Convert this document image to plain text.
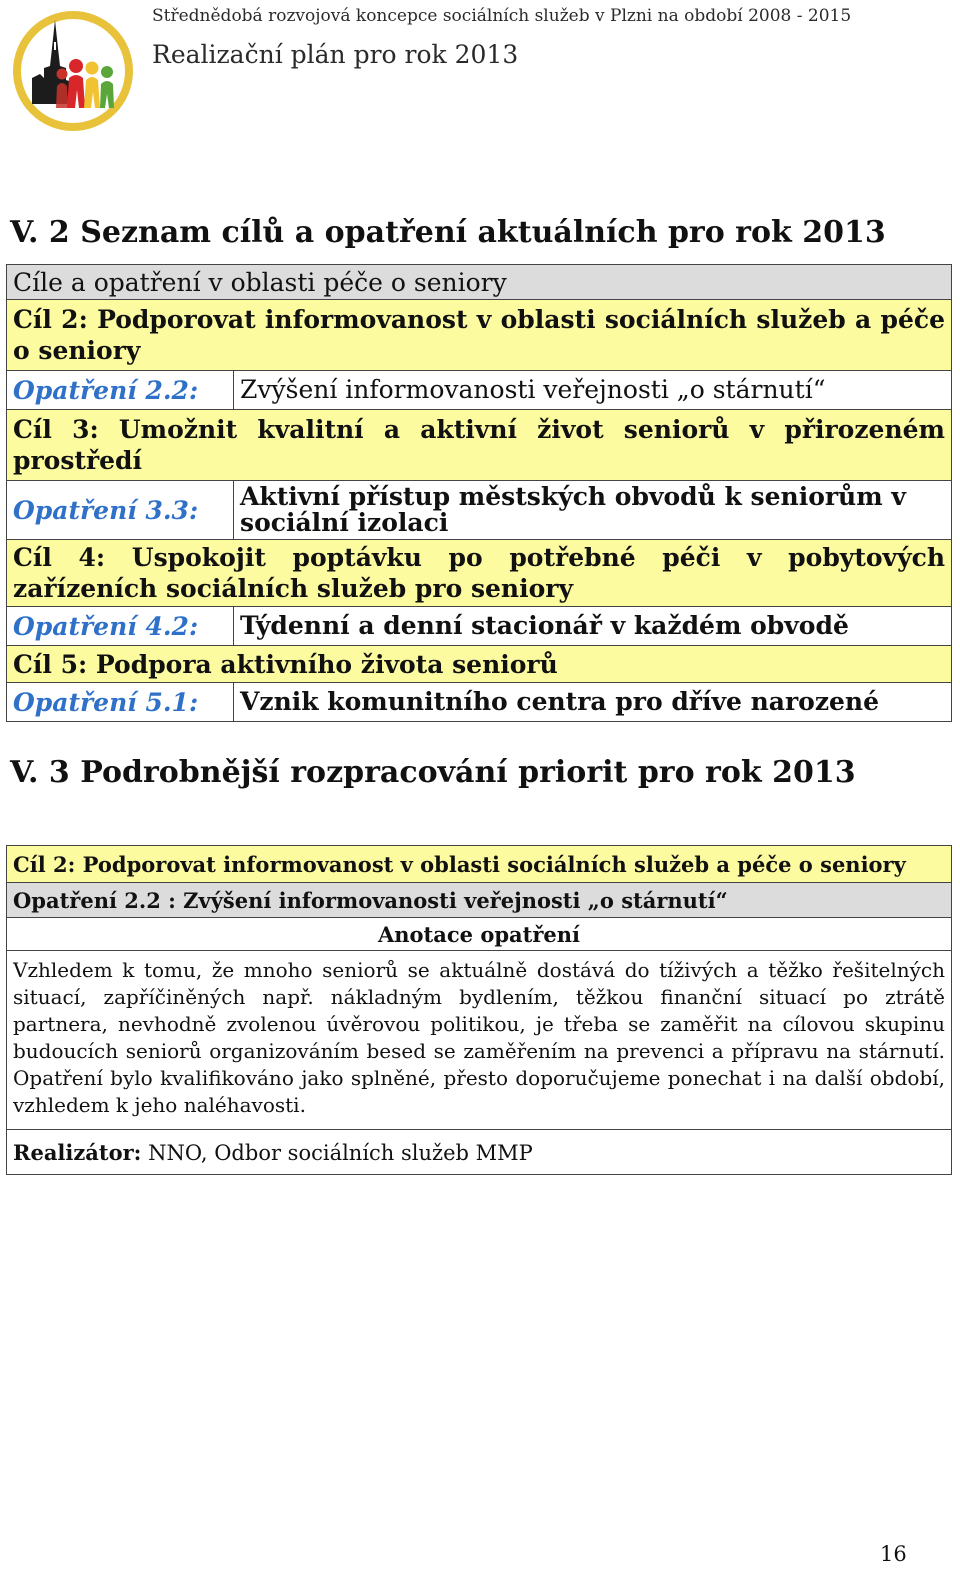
Střednědobá rozvojová koncepce sociálních služeb v Plzni na období 2008 - 2015
Realizační plán pro rok 2013
V. 2 Seznam cílů a opatření aktuálních pro rok 2013
Cíle a opatření v oblasti péče o seniory	
Cíl 2: Podporovat informovanost v oblasti sociálních služeb a péče o seniory	
Opatření 2.2:	Zvýšení informovanosti veřejnosti „o stárnutí“
Cíl 3: Umožnit kvalitní a aktivní život seniorů v přirozeném prostředí	
Opatření 3.3:	Aktivní přístup městských obvodů k seniorům v sociální izolaci
Cíl 4: Uspokojit poptávku po potřebné péči v pobytových zařízeních sociálních služeb pro seniory	
Opatření 4.2:	Týdenní a denní stacionář v každém obvodě
Cíl 5: Podpora aktivního života seniorů	
Opatření 5.1:	Vznik komunitního centra pro dříve narozené
V. 3 Podrobnější rozpracování priorit pro rok 2013
Cíl 2: Podporovat informovanost v oblasti sociálních služeb a péče o seniory
Opatření 2.2 : Zvýšení informovanosti veřejnosti „o stárnutí“
Anotace opatření
Vzhledem k tomu, že mnoho seniorů se aktuálně dostává do tíživých a těžko řešitelných situací, zapříčiněných např. nákladným bydlením, těžkou finanční situací po ztrátě partnera, nevhodně zvolenou úvěrovou politikou, je třeba se zaměřit na cílovou skupinu budoucích seniorů organizováním besed se zaměřením na prevenci a přípravu na stárnutí. Opatření bylo kvalifikováno jako splněné, přesto doporučujeme ponechat i na další období, vzhledem k jeho naléhavosti.
Realizátor: NNO, Odbor sociálních služeb MMP
16
